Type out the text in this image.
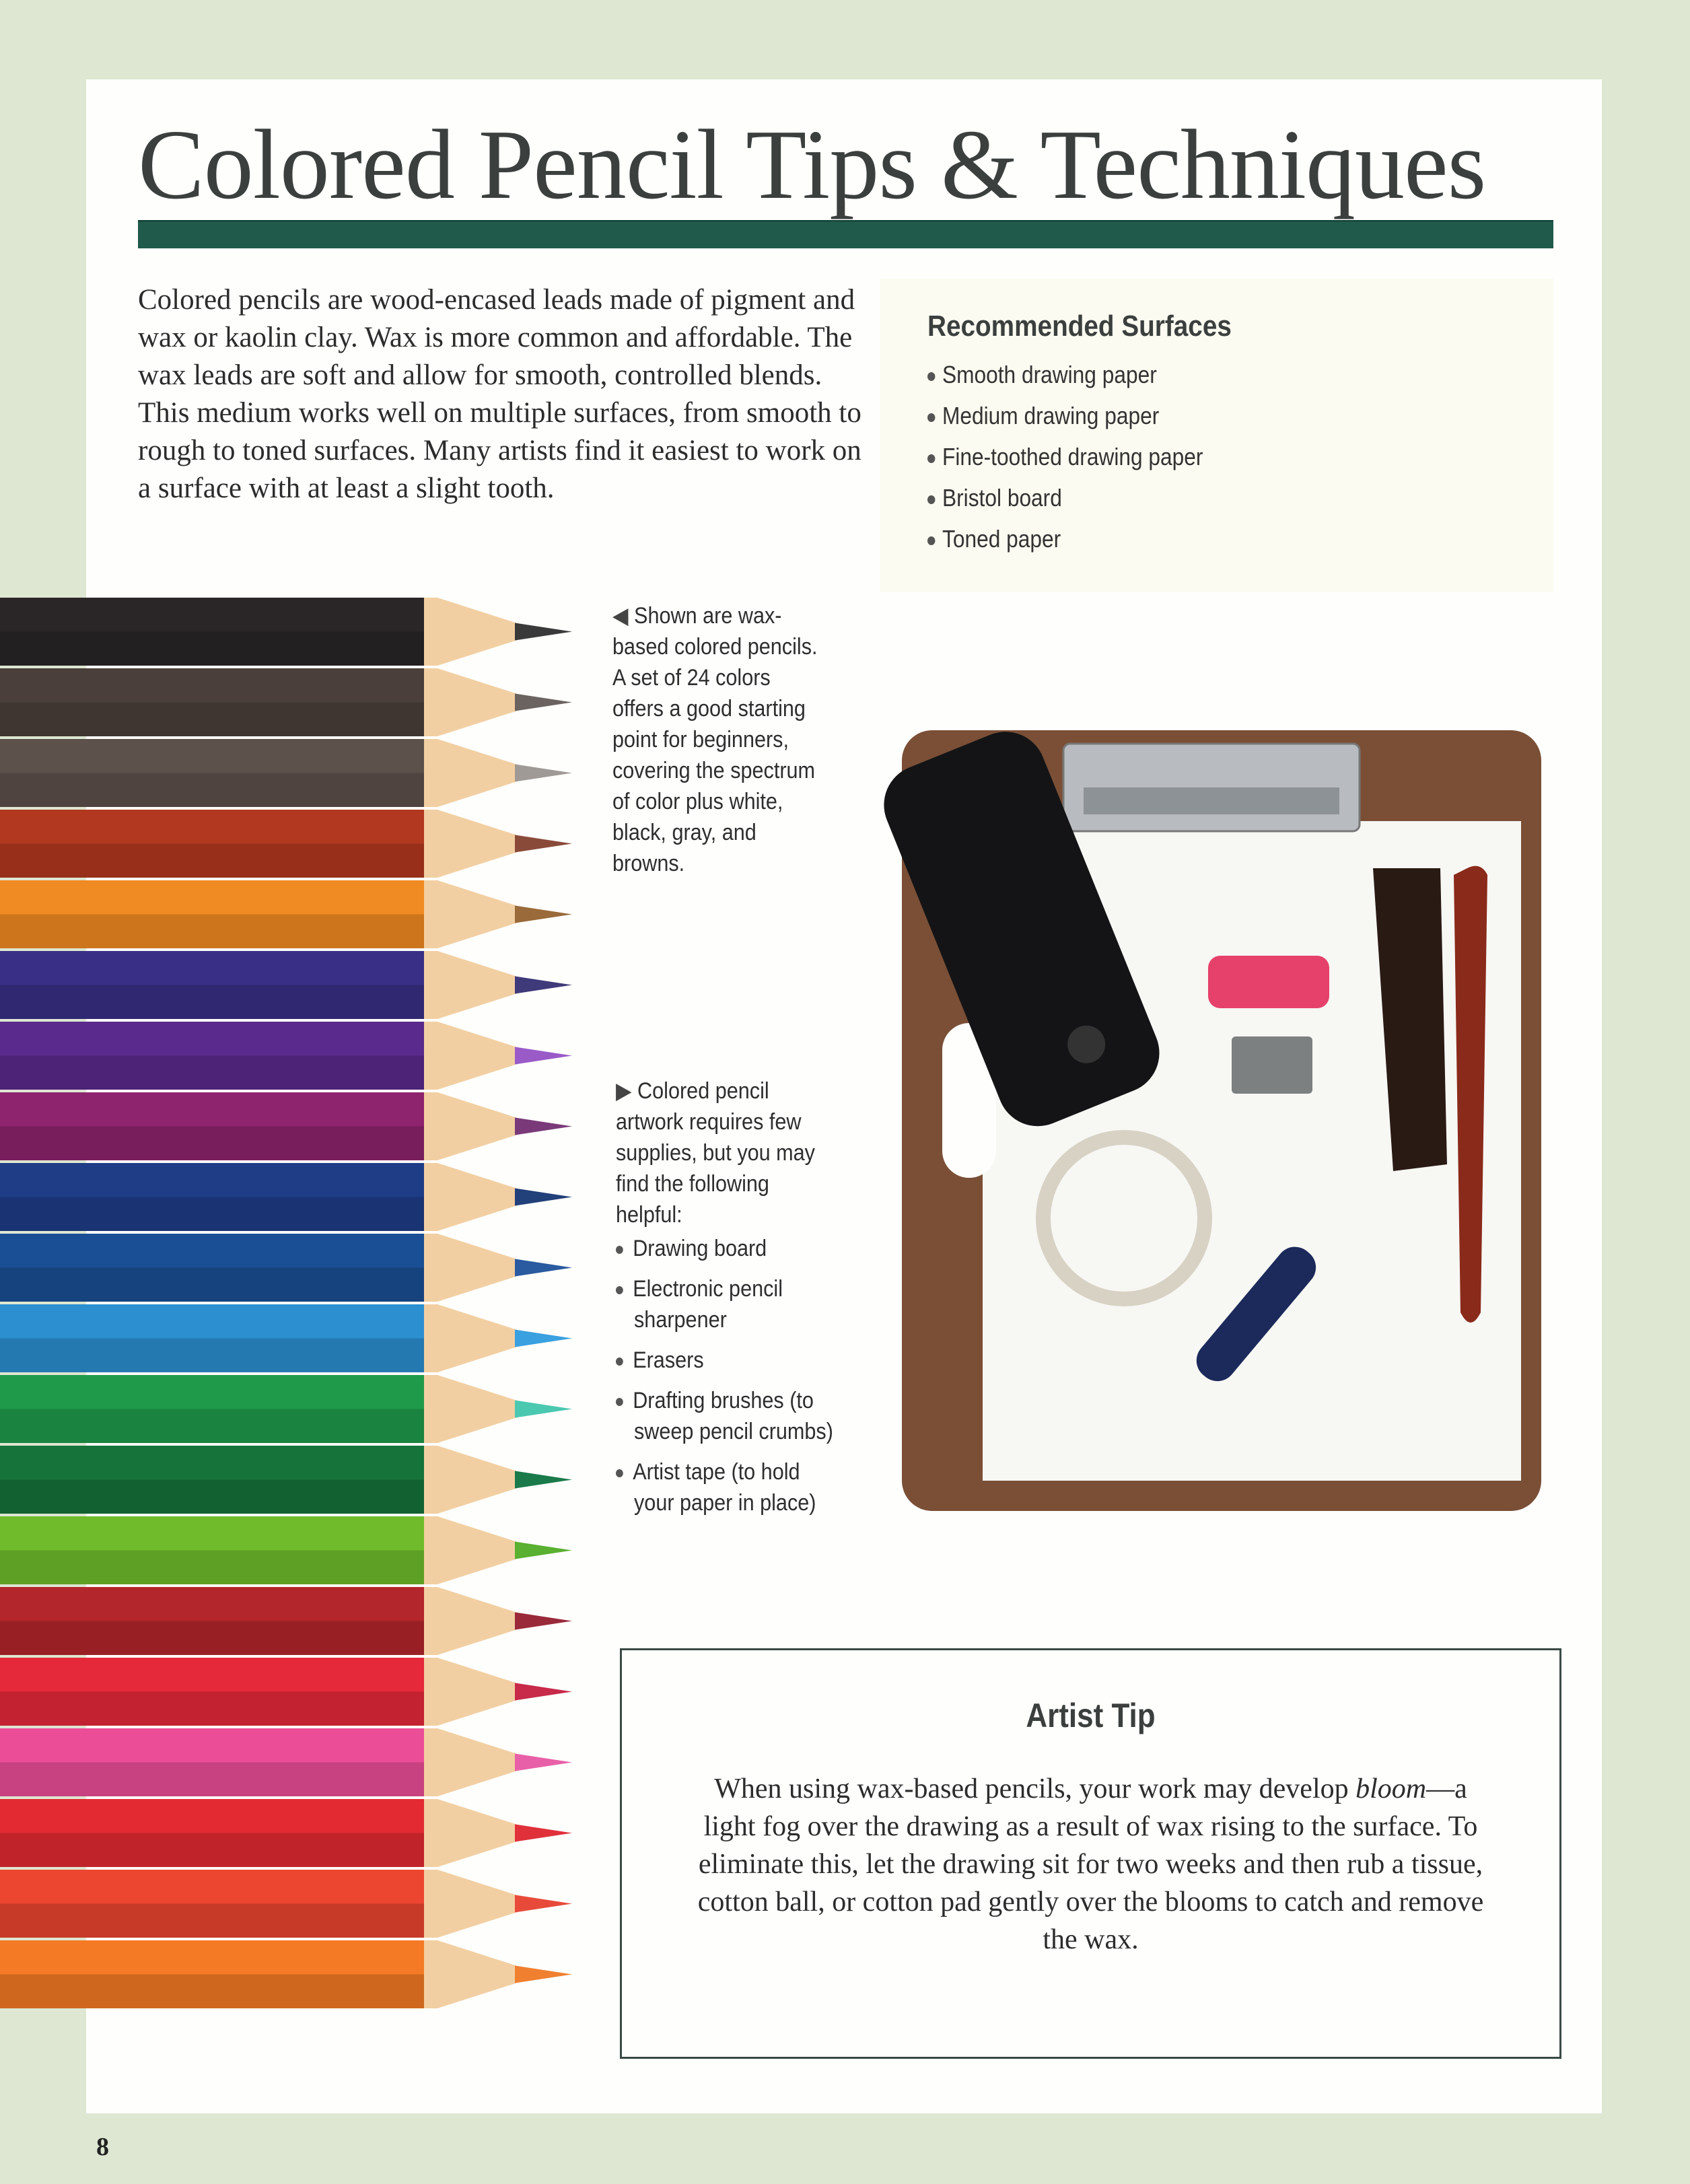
Colored Pencil Tips & Techniques
Colored pencils are wood-encased leads made of pigment and wax or kaolin clay. Wax is more common and affordable. The wax leads are soft and allow for smooth, controlled blends. This medium works well on multiple surfaces, from smooth to rough to toned surfaces. Many artists find it easiest to work on a surface with at least a slight tooth.
Recommended Surfaces
Smooth drawing paper
Medium drawing paper
Fine-toothed drawing paper
Bristol board
Toned paper
◀ Shown are wax-based colored pencils. A set of 24 colors offers a good starting point for beginners, covering the spectrum of color plus white, black, gray, and browns.
▶ Colored pencil artwork requires few supplies, but you may find the following helpful:
Drawing board
Electronic pencil sharpener
Erasers
Drafting brushes (to sweep pencil crumbs)
Artist tape (to hold your paper in place)
Artist Tip

When using wax-based pencils, your work may develop bloom—a light fog over the drawing as a result of wax rising to the surface. To eliminate this, let the drawing sit for two weeks and then rub a tissue, cotton ball, or cotton pad gently over the blooms to catch and remove the wax.

8
